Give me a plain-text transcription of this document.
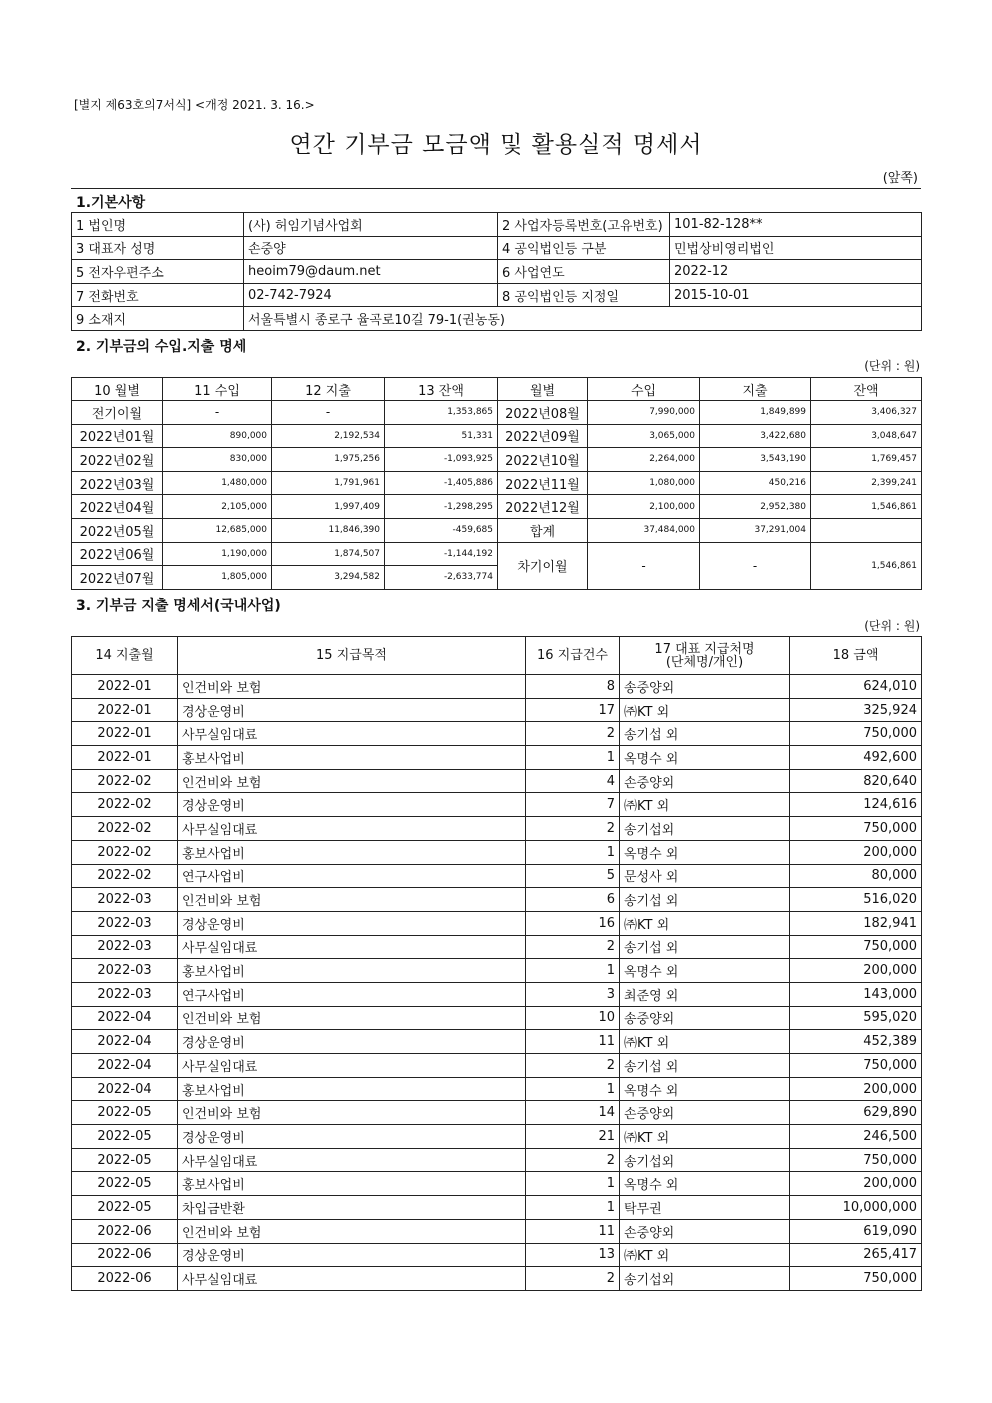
[별지 제63호의7서식] <개정 2021. 3. 16.>
연간 기부금 모금액 및 활용실적 명세서
(앞쪽)
1.기본사항
1 법인명	(사) 허임기념사업회	2 사업자등록번호(고유번호)	101-82-128**
3 대표자 성명	손중양	4 공익법인등 구분	민법상비영리법인
5 전자우편주소	heoim79@daum.net	6 사업연도	2022-12
7 전화번호	02-742-7924	8 공익법인등 지정일	2015-10-01
9 소재지	서울특별시 종로구 율곡로10길 79-1(권농동)		
2. 기부금의 수입.지출 명세
(단위 : 원)
10 월별	11 수입	12 지출	13 잔액	월별	수입	지출	잔액
전기이월	-	-	1,353,865	2022년08월	7,990,000	1,849,899	3,406,327
2022년01월	890,000	2,192,534	51,331	2022년09월	3,065,000	3,422,680	3,048,647
2022년02월	830,000	1,975,256	-1,093,925	2022년10월	2,264,000	3,543,190	1,769,457
2022년03월	1,480,000	1,791,961	-1,405,886	2022년11월	1,080,000	450,216	2,399,241
2022년04월	2,105,000	1,997,409	-1,298,295	2022년12월	2,100,000	2,952,380	1,546,861
2022년05월	12,685,000	11,846,390	-459,685	합계	37,484,000	37,291,004	
2022년06월	1,190,000	1,874,507	-1,144,192	차기이월	-	-	1,546,861
2022년07월	1,805,000	3,294,582	-2,633,774				
3. 기부금 지출 명세서(국내사업)
(단위 : 원)
14 지출월	15 지급목적	16 지급건수	17 대표 지급처명
(단체명/개인)	18 금액
2022-01	인건비와 보험	8	송중양외	624,010
2022-01	경상운영비	17	㈜KT 외	325,924
2022-01	사무실임대료	2	송기섭 외	750,000
2022-01	홍보사업비	1	옥명수 외	492,600
2022-02	인건비와 보험	4	손중양외	820,640
2022-02	경상운영비	7	㈜KT 외	124,616
2022-02	사무실임대료	2	송기섭외	750,000
2022-02	홍보사업비	1	옥명수 외	200,000
2022-02	연구사업비	5	문성사 외	80,000
2022-03	인건비와 보험	6	송기섭 외	516,020
2022-03	경상운영비	16	㈜KT 외	182,941
2022-03	사무실임대료	2	송기섭 외	750,000
2022-03	홍보사업비	1	옥명수 외	200,000
2022-03	연구사업비	3	최준영 외	143,000
2022-04	인건비와 보험	10	송중양외	595,020
2022-04	경상운영비	11	㈜KT 외	452,389
2022-04	사무실임대료	2	송기섭 외	750,000
2022-04	홍보사업비	1	옥명수 외	200,000
2022-05	인건비와 보험	14	손중양외	629,890
2022-05	경상운영비	21	㈜KT 외	246,500
2022-05	사무실임대료	2	송기섭외	750,000
2022-05	홍보사업비	1	옥명수 외	200,000
2022-05	차입금반환	1	탁무권	10,000,000
2022-06	인건비와 보험	11	손중양외	619,090
2022-06	경상운영비	13	㈜KT 외	265,417
2022-06	사무실임대료	2	송기섭외	750,000
